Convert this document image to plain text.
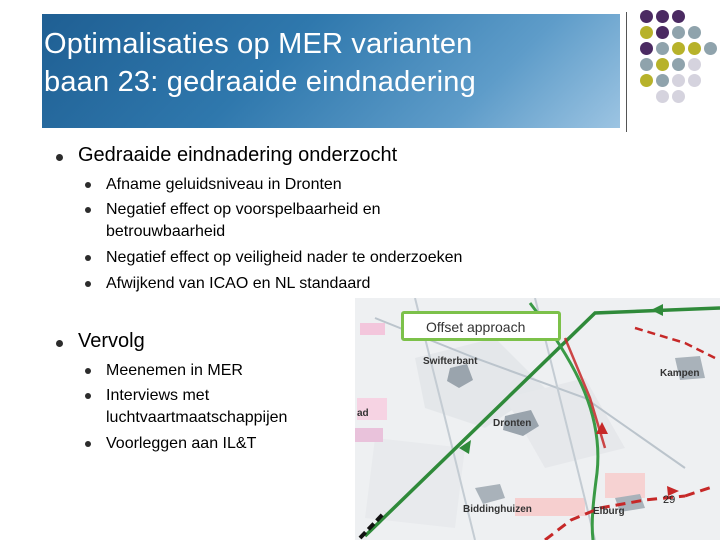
Optimalisaties op MER varianten
baan 23: gedraaide eindnadering
Gedraaide eindnadering onderzocht
Afname geluidsniveau in Dronten
Negatief effect op voorspelbaarheid en
betrouwbaarheid
Negatief effect op veiligheid nader te onderzoeken
Afwijkend van ICAO en NL standaard
Vervolg
Meenemen in MER
Interviews met
luchtvaartmaatschappijen
Voorleggen aan IL&T
Offset approach
Swifterbant
Kampen
Dronten
Biddinghuizen	Elburg
ad
29
